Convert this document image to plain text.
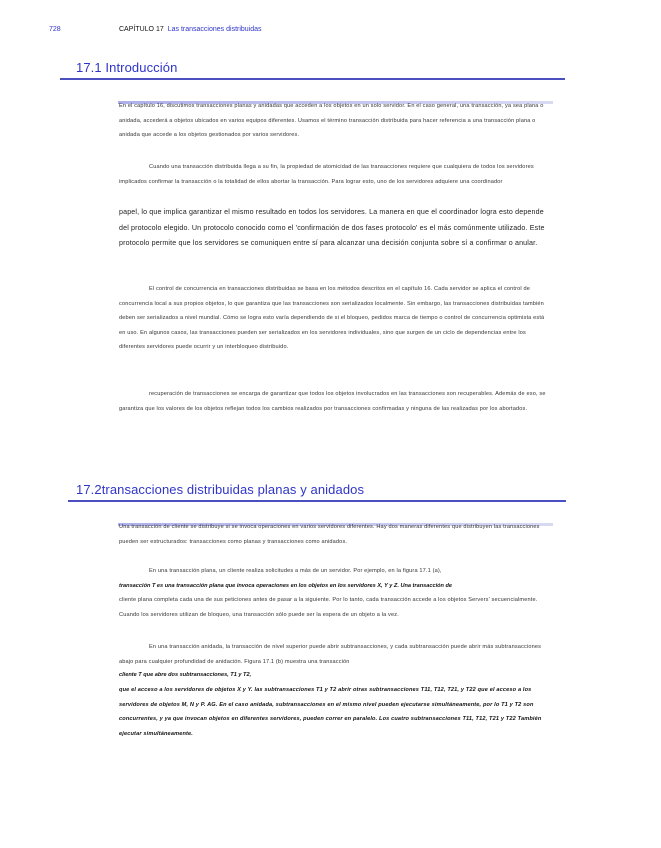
728	CAPÍTULO 17 Las transacciones distribuidas
17.1 Introducción
En el capítulo 16, discutimos transacciones planas y anidadas que acceden a los objetos en un solo servidor. En el caso general, una transacción, ya sea plana o anidada, accederá a objetos ubicados en varios equipos diferentes. Usamos el término transacción distribuida para hacer referencia a una transacción plana o anidada que accede a los objetos gestionados por varios servidores.
Cuando una transacción distribuida llega a su fin, la propiedad de atomicidad de las transacciones requiere que cualquiera de todos los servidores implicados confirmar la transacción o la totalidad de ellos abortar la transacción. Para lograr esto, uno de los servidores adquiere una coordinador
papel, lo que implica garantizar el mismo resultado en todos los servidores. La manera en que el coordinador logra esto depende del protocolo elegido. Un protocolo conocido como el 'confirmación de dos fases protocolo' es el más comúnmente utilizado. Este protocolo permite que los servidores se comuniquen entre sí para alcanzar una decisión conjunta sobre sí a confirmar o anular.
El control de concurrencia en transacciones distribuidas se basa en los métodos descritos en el capítulo 16. Cada servidor se aplica el control de concurrencia local a sus propios objetos, lo que garantiza que las transacciones son serializados localmente. Sin embargo, las transacciones distribuidas también deben ser serializados a nivel mundial. Cómo se logra esto varía dependiendo de si el bloqueo, pedidos marca de tiempo o control de concurrencia optimista está en uso. En algunos casos, las transacciones pueden ser serializados en los servidores individuales, sino que surgen de un ciclo de dependencias entre los diferentes servidores puede ocurrir y un interbloqueo distribuido.
recuperación de transacciones se encarga de garantizar que todos los objetos involucrados en las transacciones son recuperables. Además de eso, se garantiza que los valores de los objetos reflejan todos los cambios realizados por transacciones confirmadas y ninguna de las realizadas por los abortados.
17.2transacciones distribuidas planas y anidados
Una transacción de cliente se distribuye si se invoca operaciones en varios servidores diferentes. Hay dos maneras diferentes que distribuyen las transacciones pueden ser estructurados: transacciones como planas y transacciones como anidados.
En una transacción plana, un cliente realiza solicitudes a más de un servidor. Por ejemplo, en la figura 17.1 (a),
transacción T es una transacción plana que invoca operaciones en los objetos en los servidores X, Y y Z. Una transacción de
cliente plana completa cada una de sus peticiones antes de pasar a la siguiente. Por lo tanto, cada transacción accede a los objetos Servers' secuencialmente. Cuando los servidores utilizan de bloqueo, una transacción sólo puede ser la espera de un objeto a la vez.
En una transacción anidada, la transacción de nivel superior puede abrir subtransacciones, y cada subtransacción puede abrir más subtransacciones abajo para cualquier profundidad de anidación. Figura 17.1 (b) muestra una transacción
cliente T que abre dos subtransacciones, T1 y T2,
que el acceso a los servidores de objetos X y Y. las subtransacciones T1 y T2 abrir otras subtransacciones T11, T12, T21, y T22 que el acceso a los servidores de objetos M, N y P. AG. En el caso anidada, subtransacciones en el mismo nivel pueden ejecutarse simultáneamente, por lo T1 y T2 son concurrentes, y ya que invocan objetos en diferentes servidores, pueden correr en paralelo. Los cuatro subtransacciones T11, T12, T21 y T22 También ejecutar simultáneamente.
